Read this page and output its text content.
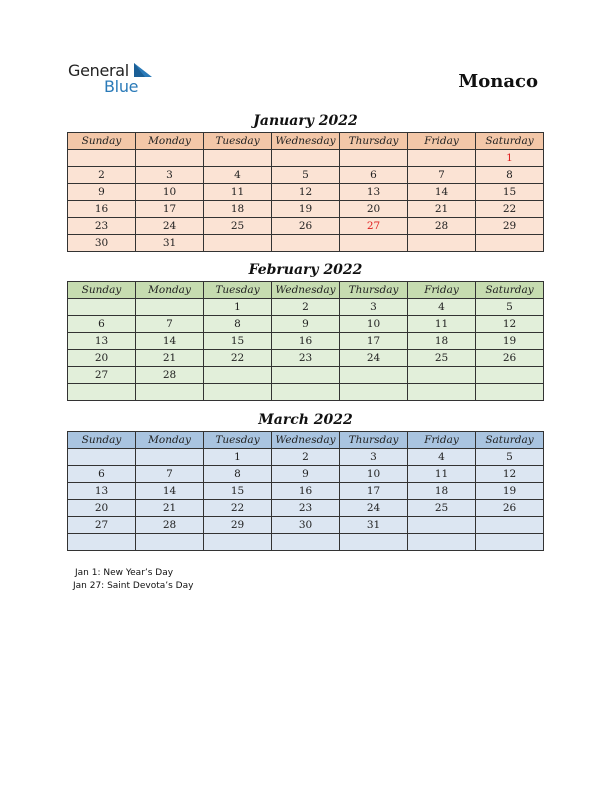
General
Blue	Monaco
January 2022
Sunday	Monday	Tuesday	Wednesday	Thursday	Friday	Saturday
						1
2	3	4	5	6	7	8
9	10	11	12	13	14	15
16	17	18	19	20	21	22
23	24	25	26	27	28	29
30	31					
February 2022
Sunday	Monday	Tuesday	Wednesday	Thursday	Friday	Saturday
		1	2	3	4	5
6	7	8	9	10	11	12
13	14	15	16	17	18	19
20	21	22	23	24	25	26
27	28					

March 2022
Sunday	Monday	Tuesday	Wednesday	Thursday	Friday	Saturday
		1	2	3	4	5
6	7	8	9	10	11	12
13	14	15	16	17	18	19
20	21	22	23	24	25	26
27	28	29	30	31		

Jan 1: New Year’s Day
Jan 27: Saint Devota’s Day
